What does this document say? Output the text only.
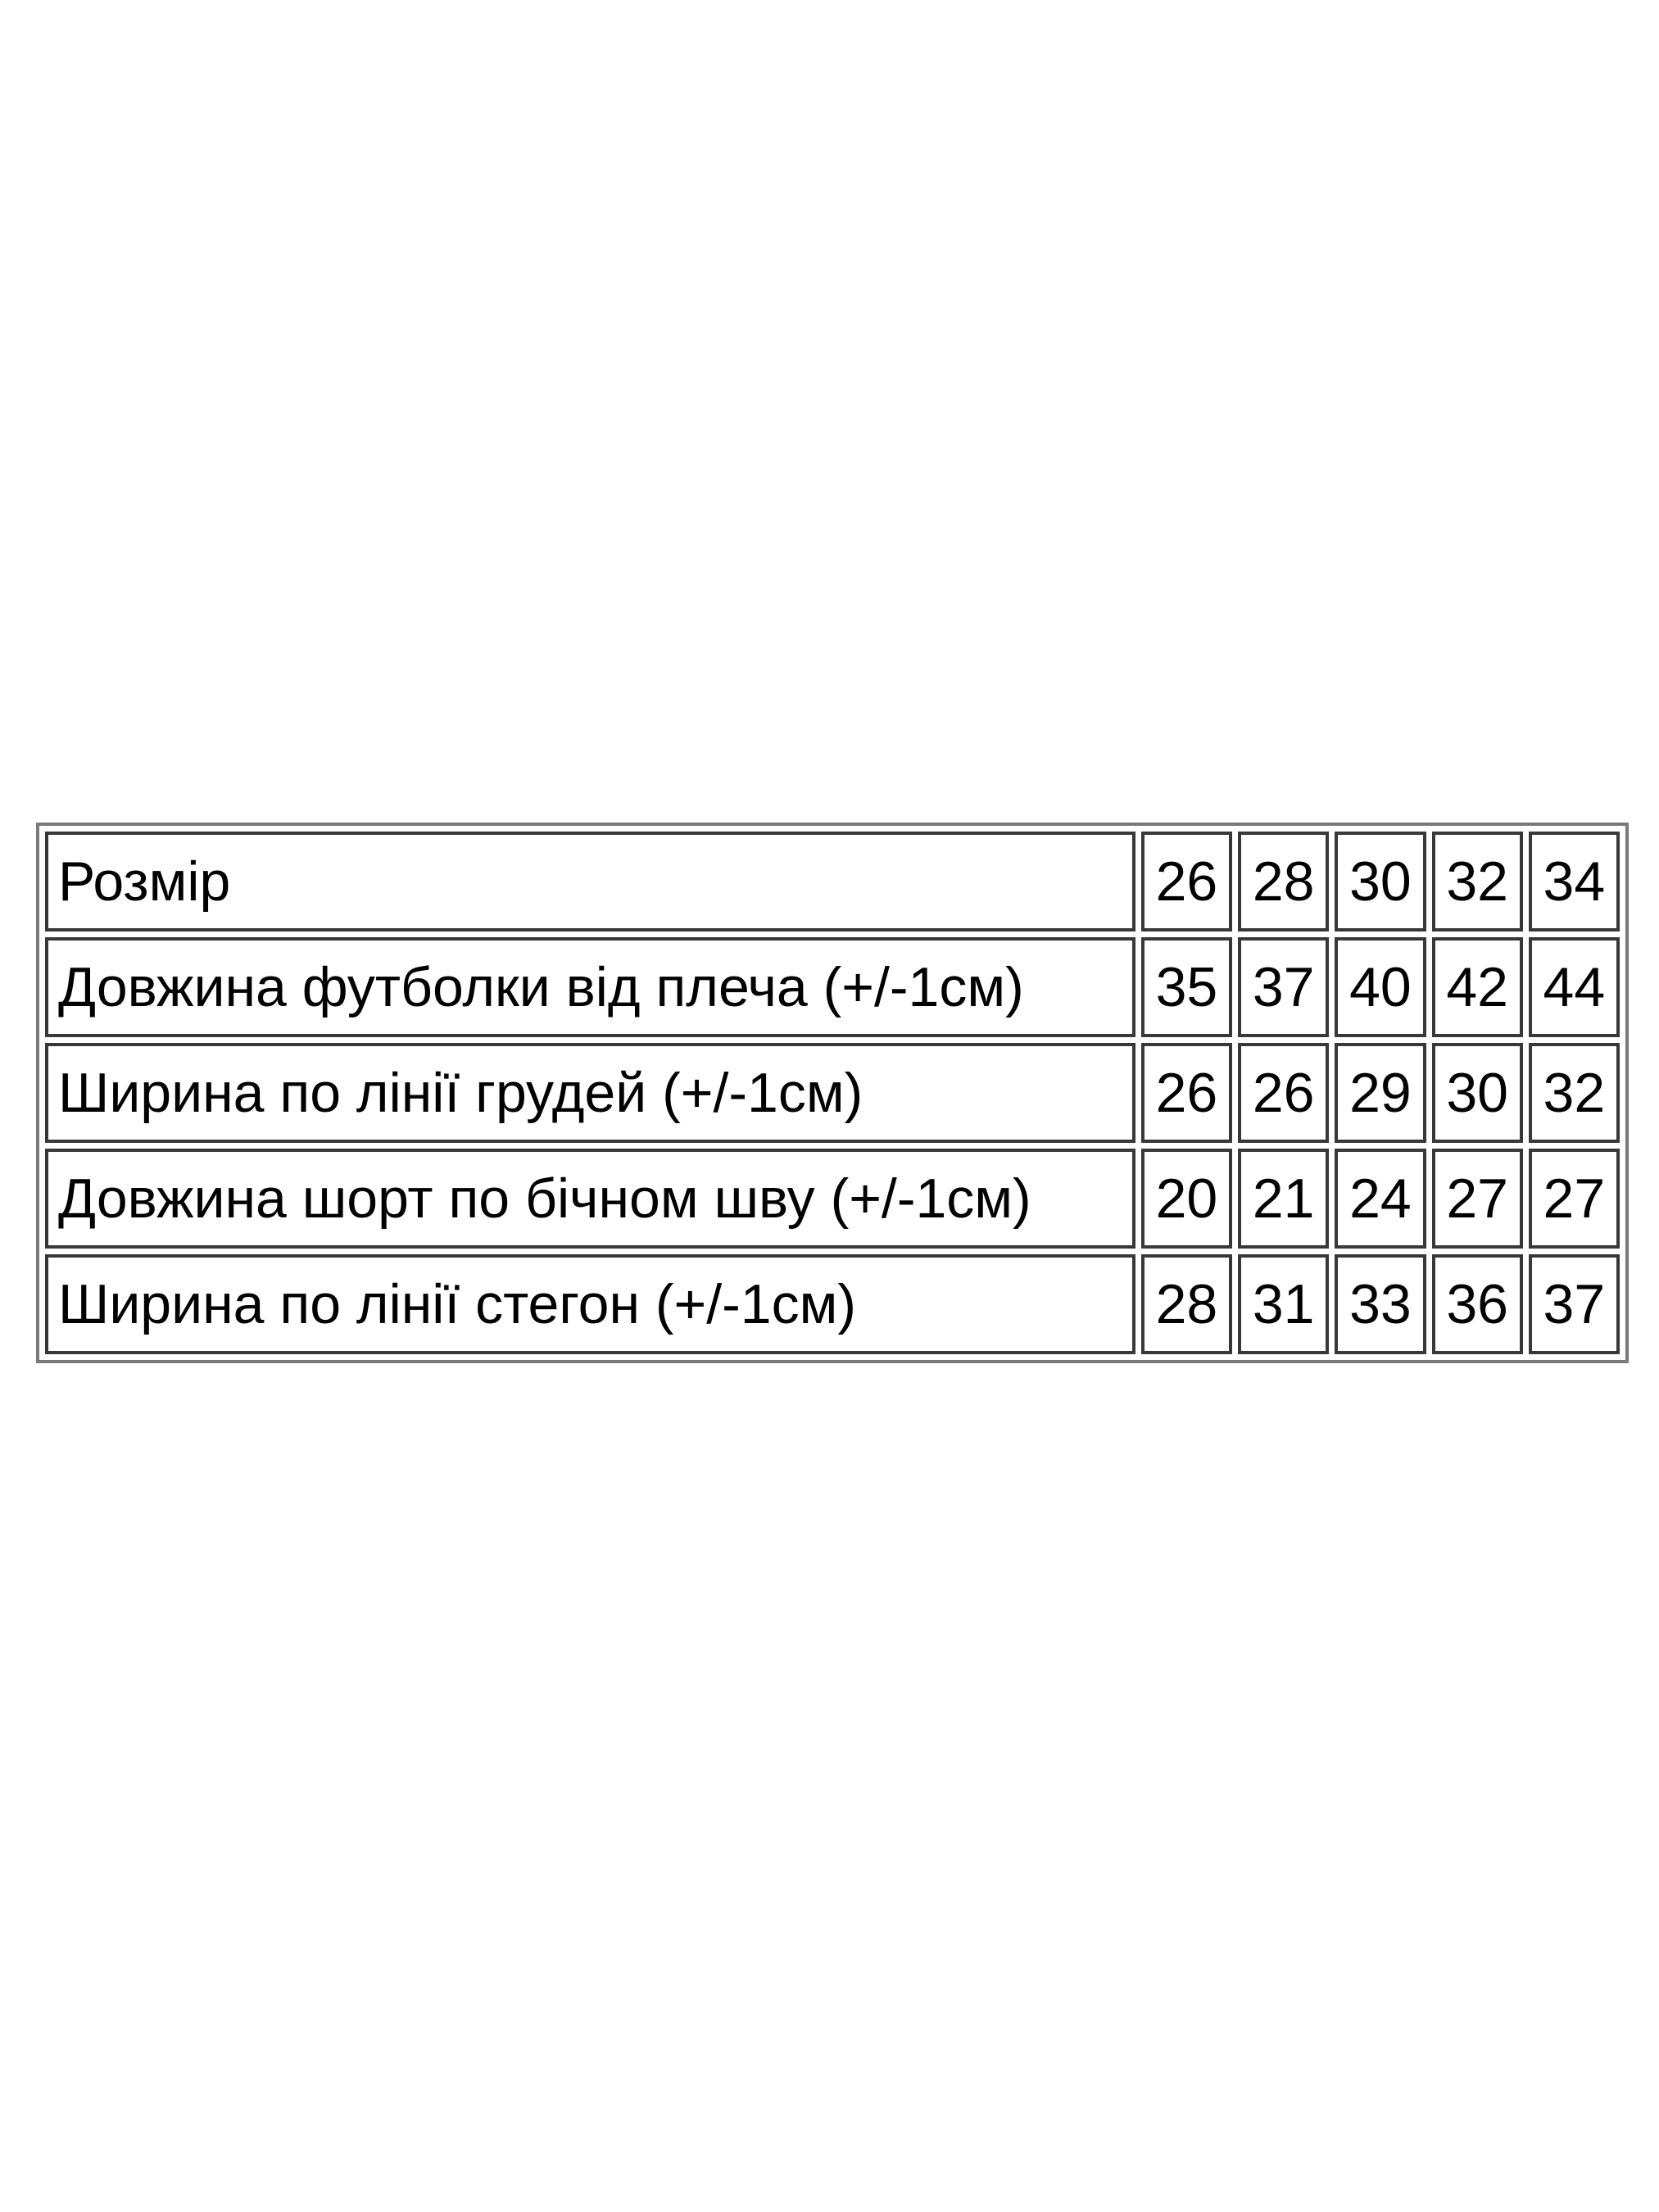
Розмір	26	28	30	32	34
Довжина футболки від плеча (+/-1см)	35	37	40	42	44
Ширина по лінії грудей (+/-1см)	26	26	29	30	32
Довжина шорт по бічном шву (+/-1см)	20	21	24	27	27
Ширина по лінії стегон (+/-1см)	28	31	33	36	37
